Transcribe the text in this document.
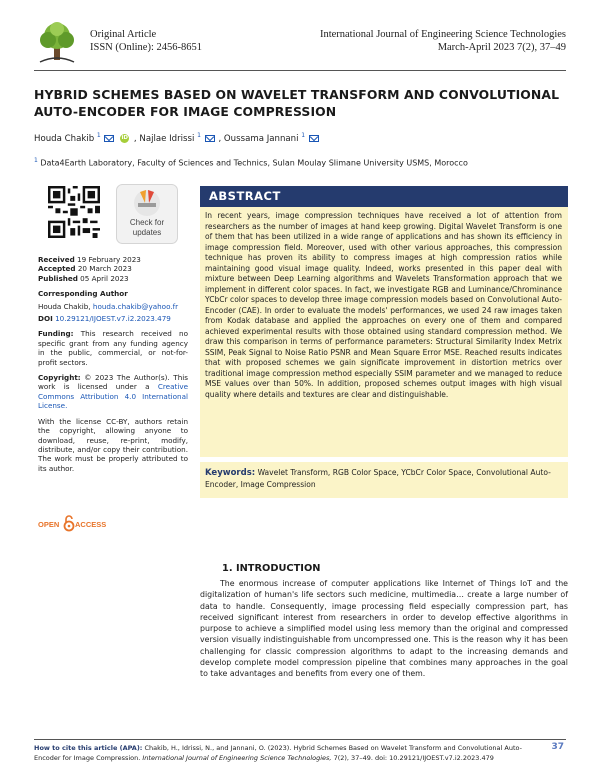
Original Article
ISSN (Online): 2456-8651
International Journal of Engineering Science Technologies
March-April 2023 7(2), 37–49
HYBRID SCHEMES BASED ON WAVELET TRANSFORM AND CONVOLUTIONAL
AUTO-ENCODER FOR IMAGE COMPRESSION
Houda Chakib $^1$	iD , Najlae Idrissi $^1$ , Oussama Jannani $^1$
$^1$ Data4Earth Laboratory, Faculty of Sciences and Technics, Sulan Moulay Slimane University USMS, Morocco
Check for
updates
Received 19 February 2023
Accepted 20 March 2023
Published 05 April 2023
Corresponding Author
Houda Chakib, houda.chakib@yahoo.fr
DOI 10.29121/IJOEST.v7.i2.2023.479
Funding: This research received no specific grant from any funding agency in the public, commercial, or not-for-profit sectors.
Copyright: © 2023 The Author(s). This work is licensed under a Creative Commons Attribution 4.0 International License.
With the license CC-BY, authors retain the copyright, allowing anyone to download, reuse, re-print, modify, distribute, and/or copy their contribution. The work must be properly attributed to its author.
OPEN ACCESS
ABSTRACT
In recent years, image compression techniques have received a lot of attention from researchers as the number of images at hand keep growing. Digital Wavelet Transform is one of them that has been utilized in a wide range of applications and has shown its efficiency in image compression field. Moreover, used with other various approaches, this compression technique has proven its ability to compress images at high compression ratios while maintaining good visual image quality. Indeed, works presented in this paper deal with mixture between Deep Learning algorithms and Wavelets Transformation approach that we implement in different color spaces. In fact, we investigate RGB and Luminance/Chrominance YCbCr color spaces to develop three image compression models based on Convolutional Auto-Encoder (CAE). In order to evaluate the models' performances, we used 24 raw images taken from Kodak database and applied the approaches on every one of them and compared achieved experimental results with those obtained using standard compression method. We draw this comparison in terms of performance parameters: Structural Similarity Index Metrix SSIM, Peak Signal to Noise Ratio PSNR and Mean Square Error MSE. Reached results indicates that with proposed schemes we gain significate improvement in distortion metrics over traditional image compression method especially SSIM parameter and we managed to reduce MSE values over than 50%. In addition, proposed schemes output images with high visual quality where details and textures are clear and distinguishable.
Keywords: Wavelet Transform, RGB Color Space, YCbCr Color Space, Convolutional Auto-Encoder, Image Compression
1. INTRODUCTION
The enormous increase of computer applications like Internet of Things IoT and the digitalization of human's life sectors such medicine, multimedia… create a large number of data to handle. Consequently, image processing field especially compression part, has received significant interest from researchers in order to develop effective algorithms in purpose to achieve a simplified model using less memory than the original and compressed version visually indistinguishable from uncompressed one. This is the reason why it has been challenging for classic compression algorithms to adapt to the increasing demands and develop complete model compression pipeline that combines many approaches in the goal to take advantages and benefits from every one of them.
How to cite this article (APA): Chakib, H., Idrissi, N., and Jannani, O. (2023). Hybrid Schemes Based on Wavelet Transform and Convolutional Auto-Encoder for Image Compression. International Journal of Engineering Science Technologies, 7(2), 37–49. doi: 10.29121/IJOEST.v7.i2.2023.479
37
